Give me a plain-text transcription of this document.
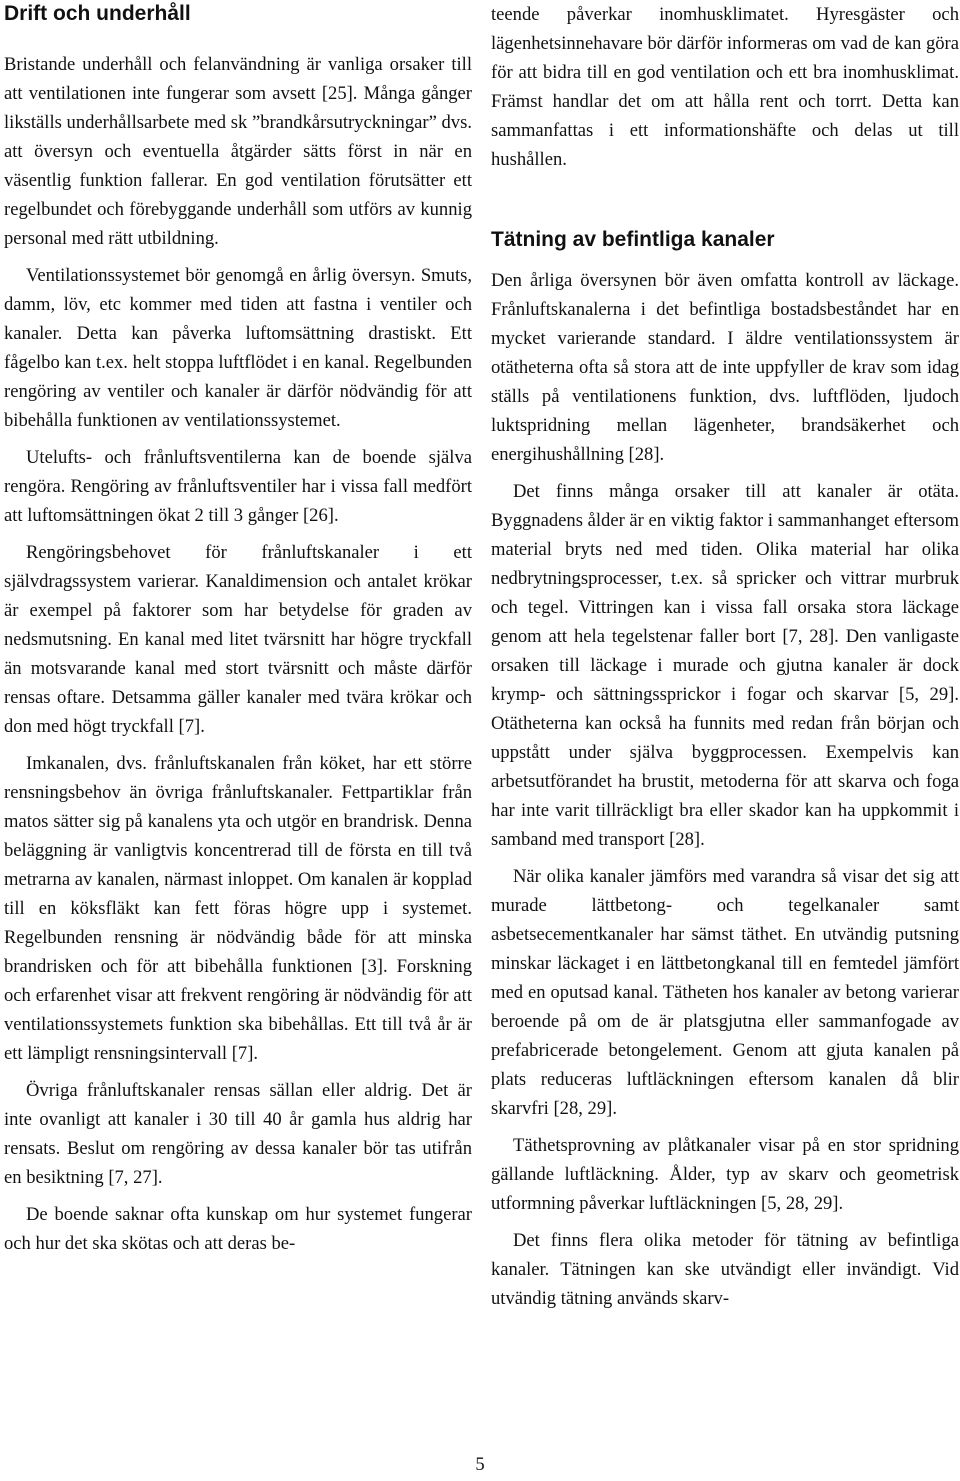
Drift och underhåll

Bristande underhåll och felanvändning är vanliga orsaker till att ventilationen inte fungerar som avsett [25]. Många gånger likställs underhållsarbete med sk ”brandkårsutryckningar” dvs. att översyn och eventuella åtgärder sätts först in när en väsentlig funktion fallerar. En god ventilation förutsätter ett regelbundet och förebyggande underhåll som utförs av kunnig personal med rätt utbildning.

Ventilationssystemet bör genomgå en årlig översyn. Smuts, damm, löv, etc kommer med tiden att fastna i ventiler och kanaler. Detta kan påverka luftomsättning drastiskt. Ett fågelbo kan t.ex. helt stoppa luftflödet i en kanal. Regelbunden rengöring av ventiler och kanaler är därför nödvändig för att bibehålla funktionen av ventilationssystemet.

Utelufts- och frånluftsventilerna kan de boende själva rengöra. Rengöring av frånluftsventiler har i vissa fall medfört att luftomsättningen ökat 2 till 3 gånger [26].

Rengöringsbehovet för frånluftskanaler i ett självdragssystem varierar. Kanaldimension och antalet krökar är exempel på faktorer som har betydelse för graden av nedsmutsning. En kanal med litet tvärsnitt har högre tryckfall än motsvarande kanal med stort tvärsnitt och måste därför rensas oftare. Detsamma gäller kanaler med tvära krökar och don med högt tryckfall [7].

Imkanalen, dvs. frånluftskanalen från köket, har ett större rensningsbehov än övriga frånluftskanaler. Fettpartiklar från matos sätter sig på kanalens yta och utgör en brandrisk. Denna beläggning är vanligtvis koncentrerad till de första en till två metrarna av kanalen, närmast inloppet. Om kanalen är kopplad till en köksfläkt kan fett föras högre upp i systemet. Regelbunden rensning är nödvändig både för att minska brandrisken och för att bibehålla funktionen [3]. Forskning och erfarenhet visar att frekvent rengöring är nödvändig för att ventilationssystemets funktion ska bibehållas. Ett till två år är ett lämpligt rensningsintervall [7].

Övriga frånluftskanaler rensas sällan eller aldrig. Det är inte ovanligt att kanaler i 30 till 40 år gamla hus aldrig har rensats. Beslut om rengöring av dessa kanaler bör tas utifrån en besiktning [7, 27].

De boende saknar ofta kunskap om hur systemet fungerar och hur det ska skötas och att deras be-

teende påverkar inomhusklimatet. Hyresgäster och lägenhetsinnehavare bör därför informeras om vad de kan göra för att bidra till en god ventilation och ett bra inomhusklimat. Främst handlar det om att hålla rent och torrt. Detta kan sammanfattas i ett informationshäfte och delas ut till hushållen.

Tätning av befintliga kanaler

Den årliga översynen bör även omfatta kontroll av läckage. Frånluftskanalerna i det befintliga bostadsbeståndet har en mycket varierande standard. I äldre ventilationssystem är otätheterna ofta så stora att de inte uppfyller de krav som idag ställs på ventilationens funktion, dvs. luftflöden, ljudoch luktspridning mellan lägenheter, brandsäkerhet och energihushållning [28].

Det finns många orsaker till att kanaler är otäta. Byggnadens ålder är en viktig faktor i sammanhanget eftersom material bryts ned med tiden. Olika material har olika nedbrytningsprocesser, t.ex. så spricker och vittrar murbruk och tegel. Vittringen kan i vissa fall orsaka stora läckage genom att hela tegelstenar faller bort [7, 28]. Den vanligaste orsaken till läckage i murade och gjutna kanaler är dock krymp- och sättningssprickor i fogar och skarvar [5, 29]. Otätheterna kan också ha funnits med redan från början och uppstått under själva byggprocessen. Exempelvis kan arbetsutförandet ha brustit, metoderna för att skarva och foga har inte varit tillräckligt bra eller skador kan ha uppkommit i samband med transport [28].

När olika kanaler jämförs med varandra så visar det sig att murade lättbetong- och tegelkanaler samt asbetsecementkanaler har sämst täthet. En utvändig putsning minskar läckaget i en lättbetongkanal till en femtedel jämfört med en oputsad kanal. Tätheten hos kanaler av betong varierar beroende på om de är platsgjutna eller sammanfogade av prefabricerade betongelement. Genom att gjuta kanalen på plats reduceras luftläckningen eftersom kanalen då blir skarvfri [28, 29].

Täthetsprovning av plåtkanaler visar på en stor spridning gällande luftläckning. Ålder, typ av skarv och geometrisk utformning påverkar luftläckningen [5, 28, 29].

Det finns flera olika metoder för tätning av befintliga kanaler. Tätningen kan ske utvändigt eller invändigt. Vid utvändig tätning används skarv-

5
